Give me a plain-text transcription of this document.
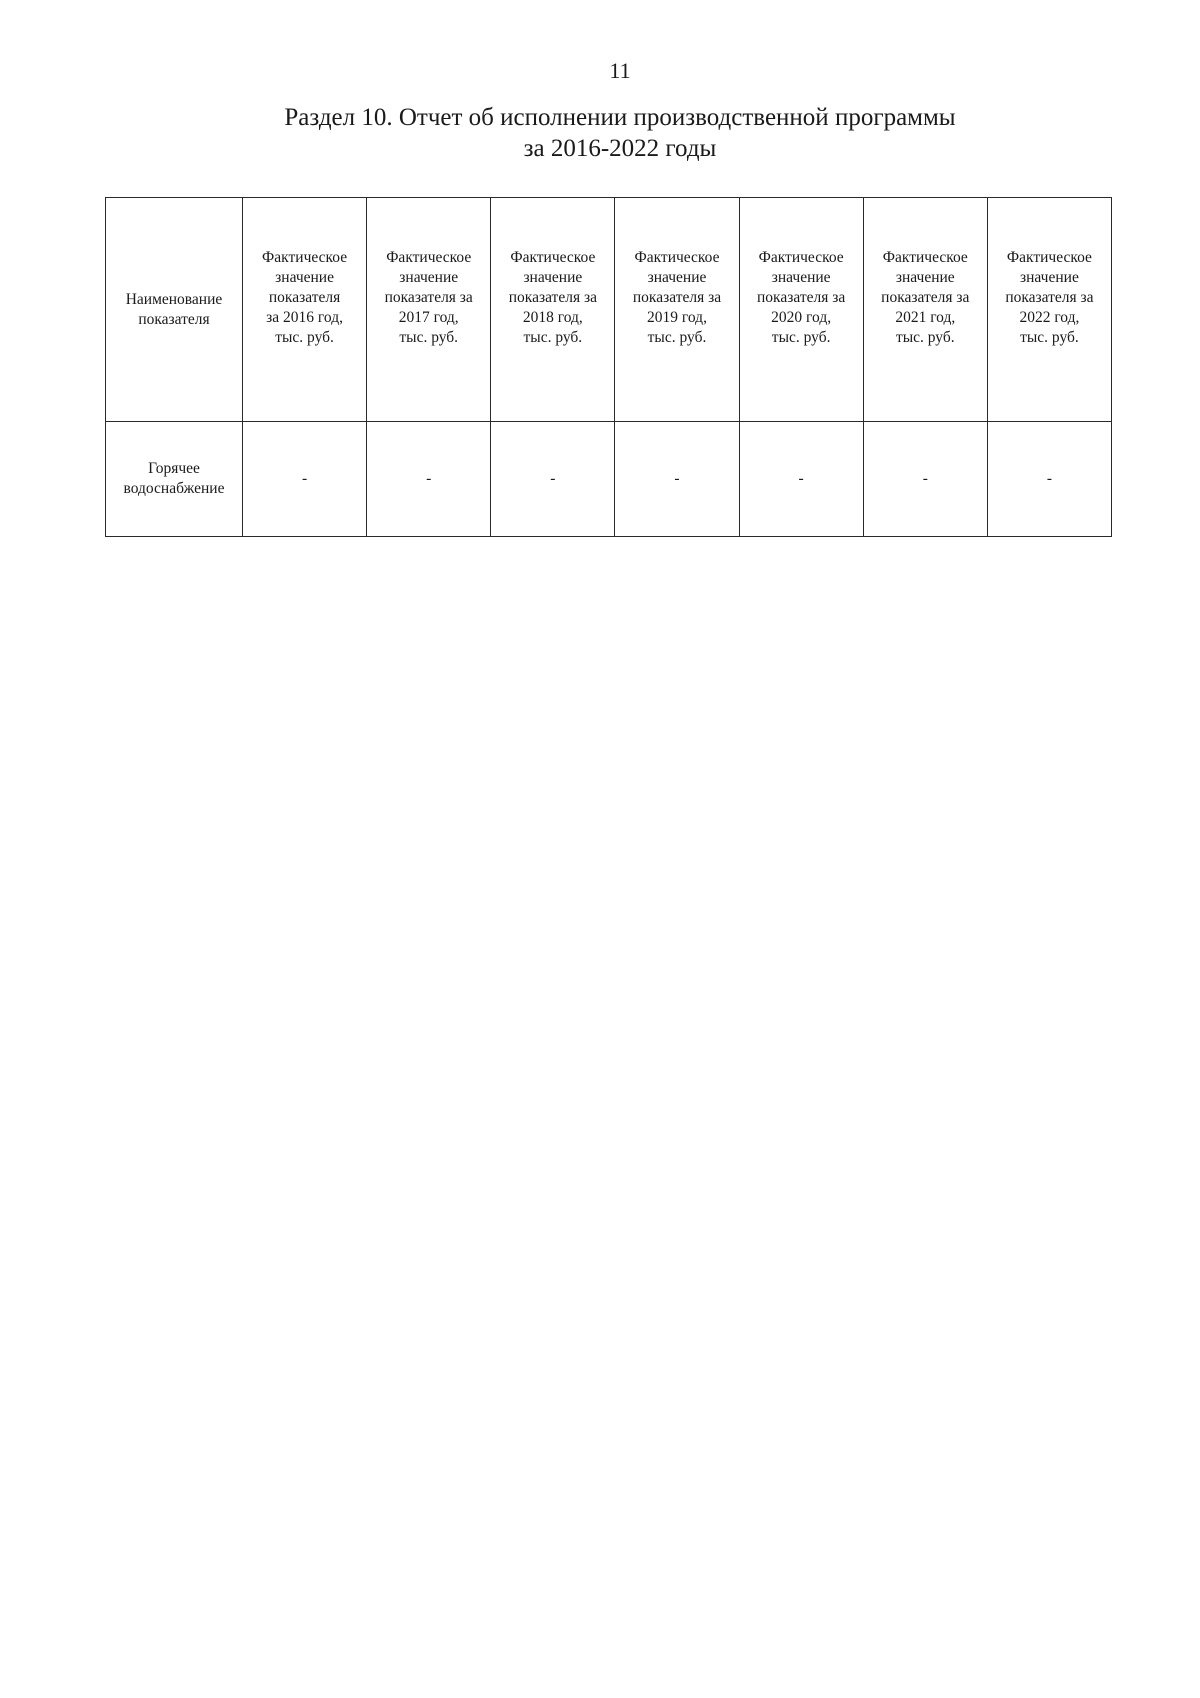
11
Раздел 10. Отчет об исполнении производственной программы
за 2016-2022 годы
Наименование
показателя	Фактическое
значение
показателя
за 2016 год,
тыс. руб.	Фактическое
значение
показателя за
2017 год,
тыс. руб.	Фактическое
значение
показателя за
2018 год,
тыс. руб.	Фактическое
значение
показателя за
2019 год,
тыс. руб.	Фактическое
значение
показателя за
2020 год,
тыс. руб.	Фактическое
значение
показателя за
2021 год,
тыс. руб.	Фактическое
значение
показателя за
2022 год,
тыс. руб.
Горячее
водоснабжение	-	-	-	-	-	-	-
